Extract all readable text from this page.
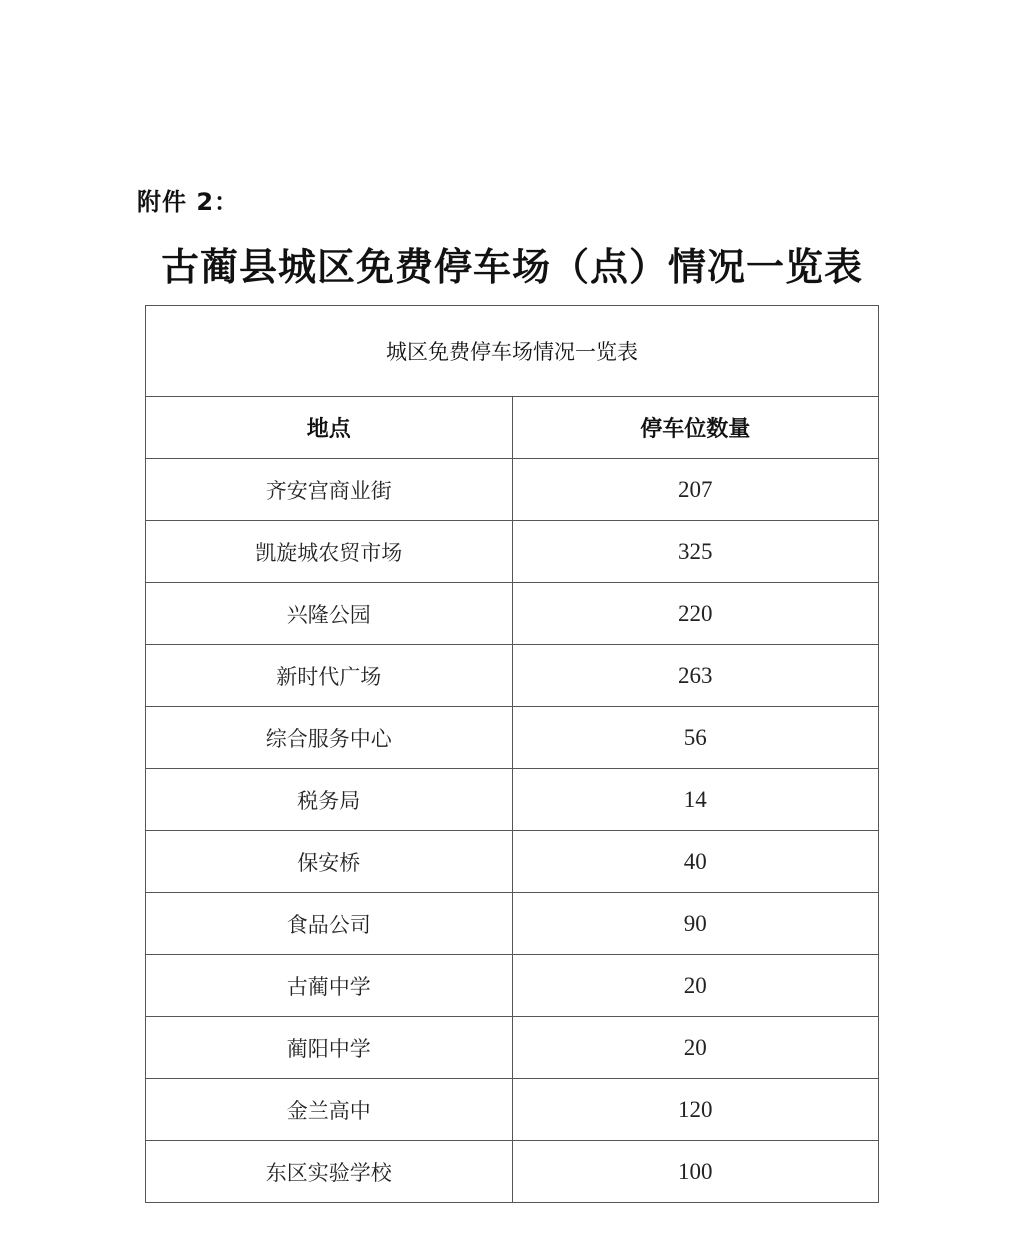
附件 2：
古蔺县城区免费停车场（点）情况一览表
城区免费停车场情况一览表	
地点	停车位数量
齐安宫商业街	207
凯旋城农贸市场	325
兴隆公园	220
新时代广场	263
综合服务中心	56
税务局	14
保安桥	40
食品公司	90
古蔺中学	20
蔺阳中学	20
金兰高中	120
东区实验学校	100
